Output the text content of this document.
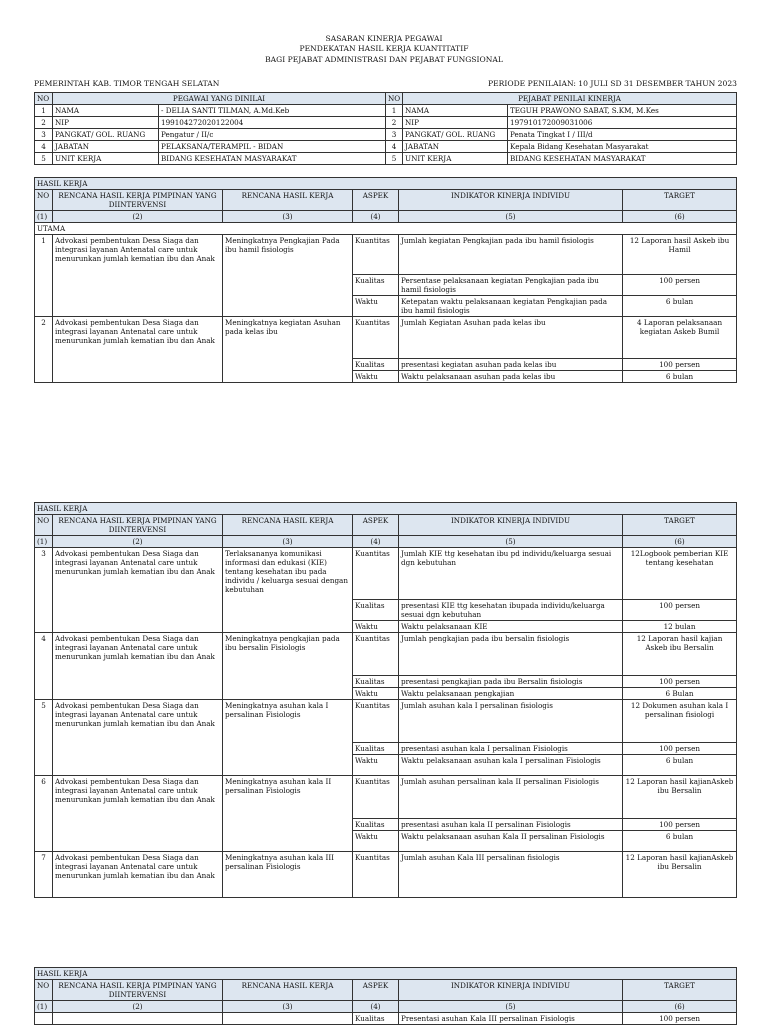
SASARAN KINERJA PEGAWAI
PENDEKATAN HASIL KERJA KUANTITATIF
BAGI PEJABAT ADMINISTRASI DAN PEJABAT FUNGSIONAL
PEMERINTAH KAB. TIMOR TENGAH SELATAN	PERIODE PENILAIAN: 10 JULI SD 31 DESEMBER TAHUN 2023
NO	PEGAWAI YANG DINILAI		NO	PEJABAT PENILAI KINERJA	
1	NAMA	- DELIA SANTI TILMAN, A.Md.Keb	1	NAMA	TEGUH PRAWONO SABAT, S.KM, M.Kes
2	NIP	199104272020122004	2	NIP	197910172009031006
3	PANGKAT/ GOL. RUANG	Pengatur / II/c	3	PANGKAT/ GOL. RUANG	Penata Tingkat I / III/d
4	JABATAN	PELAKSANA/TERAMPIL - BIDAN	4	JABATAN	Kepala Bidang Kesehatan Masyarakat
5	UNIT KERJA	BIDANG KESEHATAN MASYARAKAT	5	UNIT KERJA	BIDANG KESEHATAN MASYARAKAT
HASIL KERJA					
NO	RENCANA HASIL KERJA PIMPINAN YANG DIINTERVENSI	RENCANA HASIL KERJA	ASPEK	INDIKATOR KINERJA INDIVIDU	TARGET
(1)	(2)	(3)	(4)	(5)	(6)
UTAMA					
1	Advokasi pembentukan Desa Siaga dan integrasi layanan Antenatal care untuk menurunkan jumlah kematian ibu dan Anak	Meningkatnya Pengkajian Pada ibu hamil fisiologis	Kuantitas	Jumlah kegiatan Pengkajian pada ibu hamil fisiologis	12 Laporan hasil Askeb ibu Hamil
			Kualitas	Persentase pelaksanaan kegiatan Pengkajian pada ibu hamil fisiologis	100 persen
			Waktu	Ketepatan waktu pelaksanaan kegiatan Pengkajian pada ibu hamil fisiologis	6 bulan
2	Advokasi pembentukan Desa Siaga dan integrasi layanan Antenatal care untuk menurunkan jumlah kematian ibu dan Anak	Meningkatnya kegiatan Asuhan pada kelas ibu	Kuantitas	Jumlah Kegiatan Asuhan pada kelas ibu	4 Laporan pelaksanaan kegiatan Askeb Bumil
			Kualitas	presentasi kegiatan asuhan pada kelas ibu	100 persen
			Waktu	Waktu pelaksanaan asuhan pada kelas ibu	6 bulan
HASIL KERJA					
NO	RENCANA HASIL KERJA PIMPINAN YANG DIINTERVENSI	RENCANA HASIL KERJA	ASPEK	INDIKATOR KINERJA INDIVIDU	TARGET
(1)	(2)	(3)	(4)	(5)	(6)
3	Advokasi pembentukan Desa Siaga dan integrasi layanan Antenatal care untuk menurunkan jumlah kematian ibu dan Anak	Terlaksananya komunikasi informasi dan edukasi (KIE) tentang kesehatan ibu pada individu / keluarga sesuai dengan kebutuhan	Kuantitas	Jumlah KIE ttg kesehatan ibu pd individu/keluarga sesuai dgn kebutuhan	12Logbook pemberian KIE tentang kesehatan
			Kualitas	presentasi KIE ttg kesehatan ibupada individu/keluarga sesuai dgn kebutuhan	100 persen
			Waktu	Waktu pelaksanaan KIE	12 bulan
4	Advokasi pembentukan Desa Siaga dan integrasi layanan Antenatal care untuk menurunkan jumlah kematian ibu dan Anak	Meningkatnya pengkajian pada ibu bersalin Fisiologis	Kuantitas	Jumlah pengkajian pada ibu bersalin fisiologis	12 Laporan hasil kajian Askeb ibu Bersalin
			Kualitas	presentasi pengkajian pada ibu Bersalin fisiologis	100 persen
			Waktu	Waktu pelaksanaan pengkajian	6 Bulan
5	Advokasi pembentukan Desa Siaga dan integrasi layanan Antenatal care untuk menurunkan jumlah kematian ibu dan Anak	Meningkatnya asuhan kala I persalinan Fisiologis	Kuantitas	Jumlah asuhan kala I persalinan fisiologis	12 Dokumen asuhan kala I persalinan fisiologi
			Kualitas	presentasi asuhan kala I persalinan Fisiologis	100 persen
			Waktu	Waktu pelaksanaan asuhan kala I persalinan Fisiologis	6 bulan
6	Advokasi pembentukan Desa Siaga dan integrasi layanan Antenatal care untuk menurunkan jumlah kematian ibu dan Anak	Meningkatnya asuhan kala II persalinan Fisiologis	Kuantitas	Jumlah asuhan persalinan kala II persalinan Fisiologis	12 Laporan hasil kajianAskeb ibu Bersalin
			Kualitas	presentasi asuhan kala II persalinan Fisiologis	100 persen
			Waktu	Waktu pelaksanaan asuhan Kala II persalinan Fisiologis	6 bulan
7	Advokasi pembentukan Desa Siaga dan integrasi layanan Antenatal care untuk menurunkan jumlah kematian ibu dan Anak	Meningkatnya asuhan kala III persalinan Fisiologis	Kuantitas	Jumlah asuhan Kala III persalinan fisiologis	12 Laporan hasil kajianAskeb ibu Bersalin
HASIL KERJA					
NO	RENCANA HASIL KERJA PIMPINAN YANG DIINTERVENSI	RENCANA HASIL KERJA	ASPEK	INDIKATOR KINERJA INDIVIDU	TARGET
(1)	(2)	(3)	(4)	(5)	(6)
			Kualitas	Presentasi asuhan Kala III persalinan Fisiologis	100 persen
